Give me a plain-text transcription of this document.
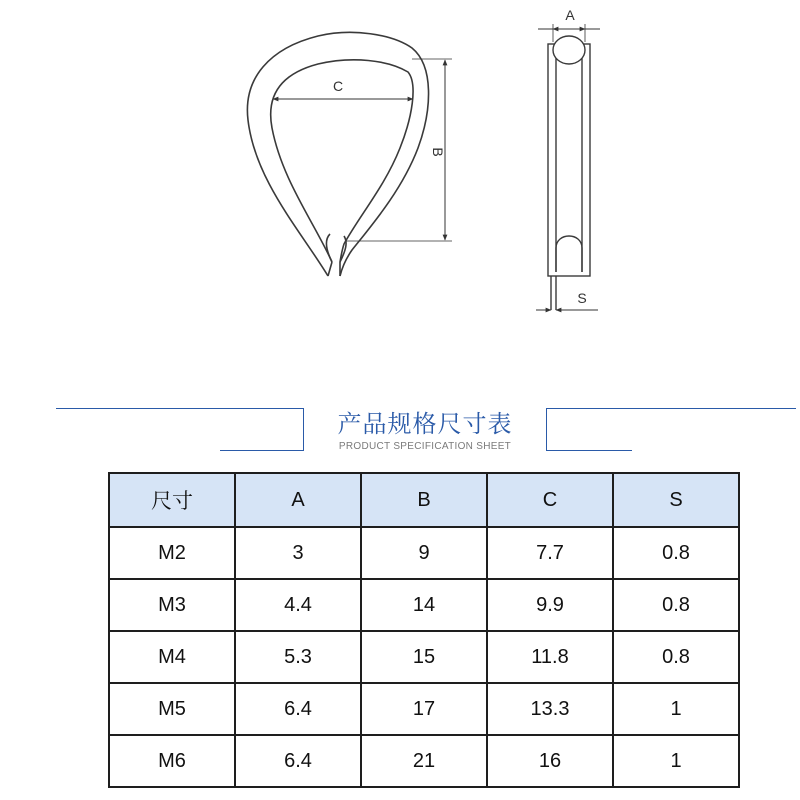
C
B
A
S
产品规格尺寸表
PRODUCT SPECIFICATION SHEET
尺寸	A	B	C	S
M2	3	9	7.7	0.8
M3	4.4	14	9.9	0.8
M4	5.3	15	11.8	0.8
M5	6.4	17	13.3	1
M6	6.4	21	16	1
